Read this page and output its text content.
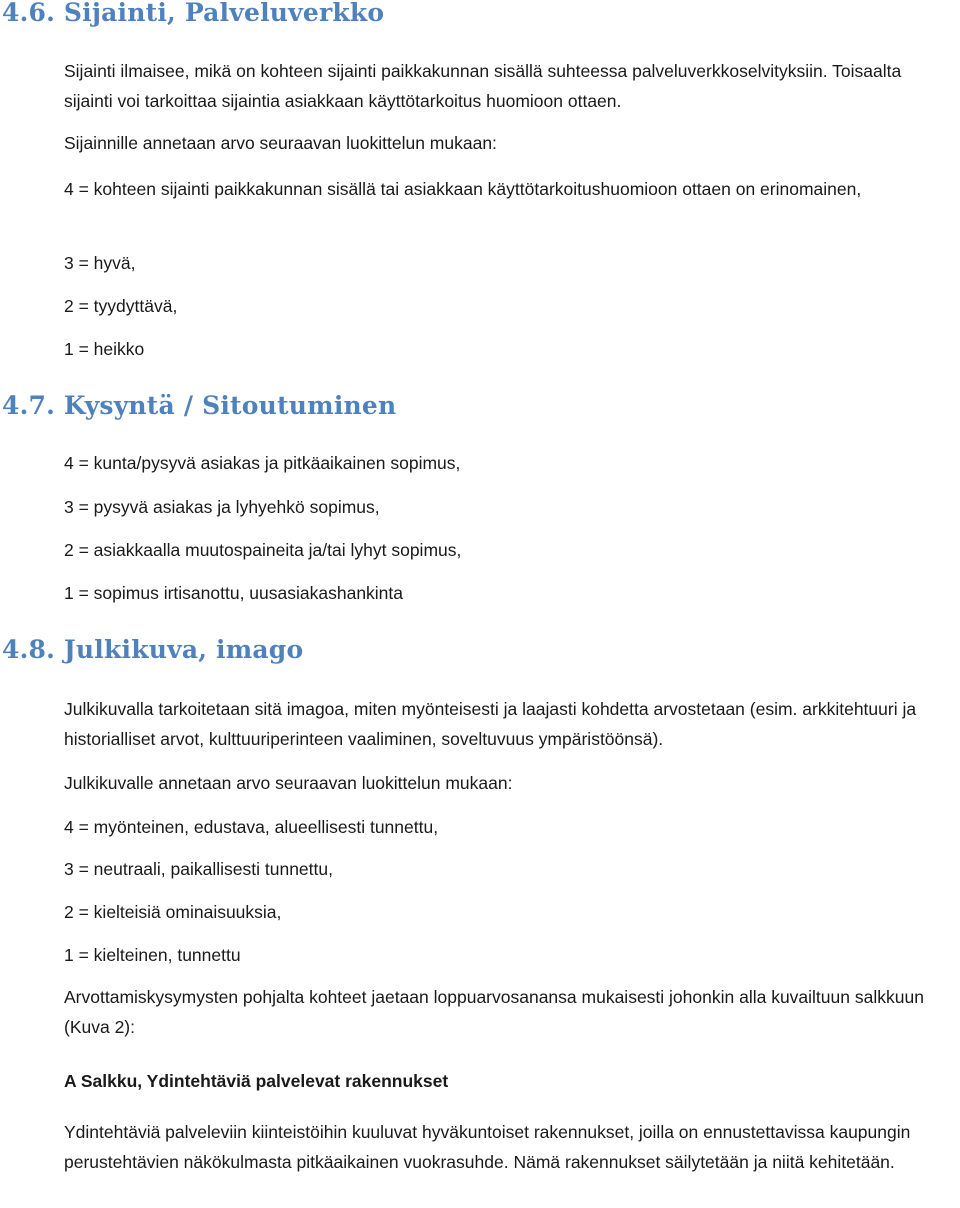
4.6. Sijainti, Palveluverkko

Sijainti ilmaisee, mikä on kohteen sijainti paikkakunnan sisällä suhteessa palveluverkkoselvityksiin. Toisaalta sijainti voi tarkoittaa sijaintia asiakkaan käyttötarkoitus huomioon ottaen.

Sijainnille annetaan arvo seuraavan luokittelun mukaan:

4 = kohteen sijainti paikkakunnan sisällä tai asiakkaan käyttötarkoitushuomioon ottaen on erinomainen,

3 = hyvä,

2 = tyydyttävä,

1 = heikko

4.7. Kysyntä / Sitoutuminen

4 = kunta/pysyvä asiakas ja pitkäaikainen sopimus,

3 = pysyvä asiakas ja lyhyehkö sopimus,

2 = asiakkaalla muutospaineita ja/tai lyhyt sopimus,

1 = sopimus irtisanottu, uusasiakashankinta

4.8. Julkikuva, imago

Julkikuvalla tarkoitetaan sitä imagoa, miten myönteisesti ja laajasti kohdetta arvostetaan (esim. arkkitehtuuri ja historialliset arvot, kulttuuriperinteen vaaliminen, soveltuvuus ympäristöönsä).

Julkikuvalle annetaan arvo seuraavan luokittelun mukaan:

4 = myönteinen, edustava, alueellisesti tunnettu,

3 = neutraali, paikallisesti tunnettu,

2 = kielteisiä ominaisuuksia,

1 = kielteinen, tunnettu

Arvottamiskysymysten pohjalta kohteet jaetaan loppuarvosanansa mukaisesti johonkin alla kuvailtuun salkkuun (Kuva 2):

A Salkku, Ydintehtäviä palvelevat rakennukset

Ydintehtäviä palveleviin kiinteistöihin kuuluvat hyväkuntoiset rakennukset, joilla on ennustettavissa kaupungin perustehtävien näkökulmasta pitkäaikainen vuokrasuhde. Nämä rakennukset säilytetään ja niitä kehitetään.
